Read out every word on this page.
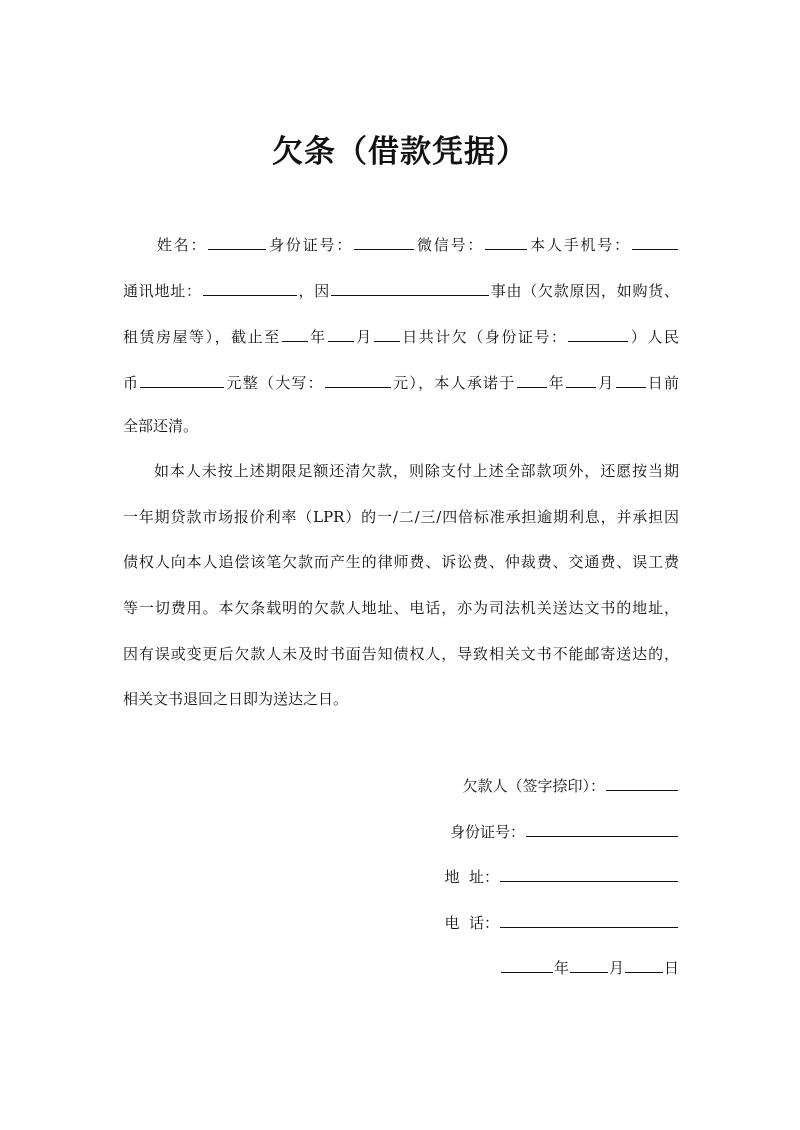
欠条（借款凭据）
姓名：	身份证号：	微信号：	本人手机号：
通讯地址：	，因	事由（欠款原因，如购货、
租赁房屋等），截止至 年 月 日共计欠（身份证号：	）人民
币	元整（大写：	元），本人承诺于 年 月 日前
全部还清。
如本人未按上述期限足额还清欠款，则除支付上述全部款项外，还愿按当期
一年期贷款市场报价利率（LPR）的一/二/三/四倍标准承担逾期利息，并承担因
债权人向本人追偿该笔欠款而产生的律师费、诉讼费、仲裁费、交通费、误工费
等一切费用。本欠条载明的欠款人地址、电话，亦为司法机关送达文书的地址，
因有误或变更后欠款人未及时书面告知债权人，导致相关文书不能邮寄送达的，
相关文书退回之日即为送达之日。
欠款人（签字捺印）：
身份证号：
地  址：
电  话：
年	月	日
